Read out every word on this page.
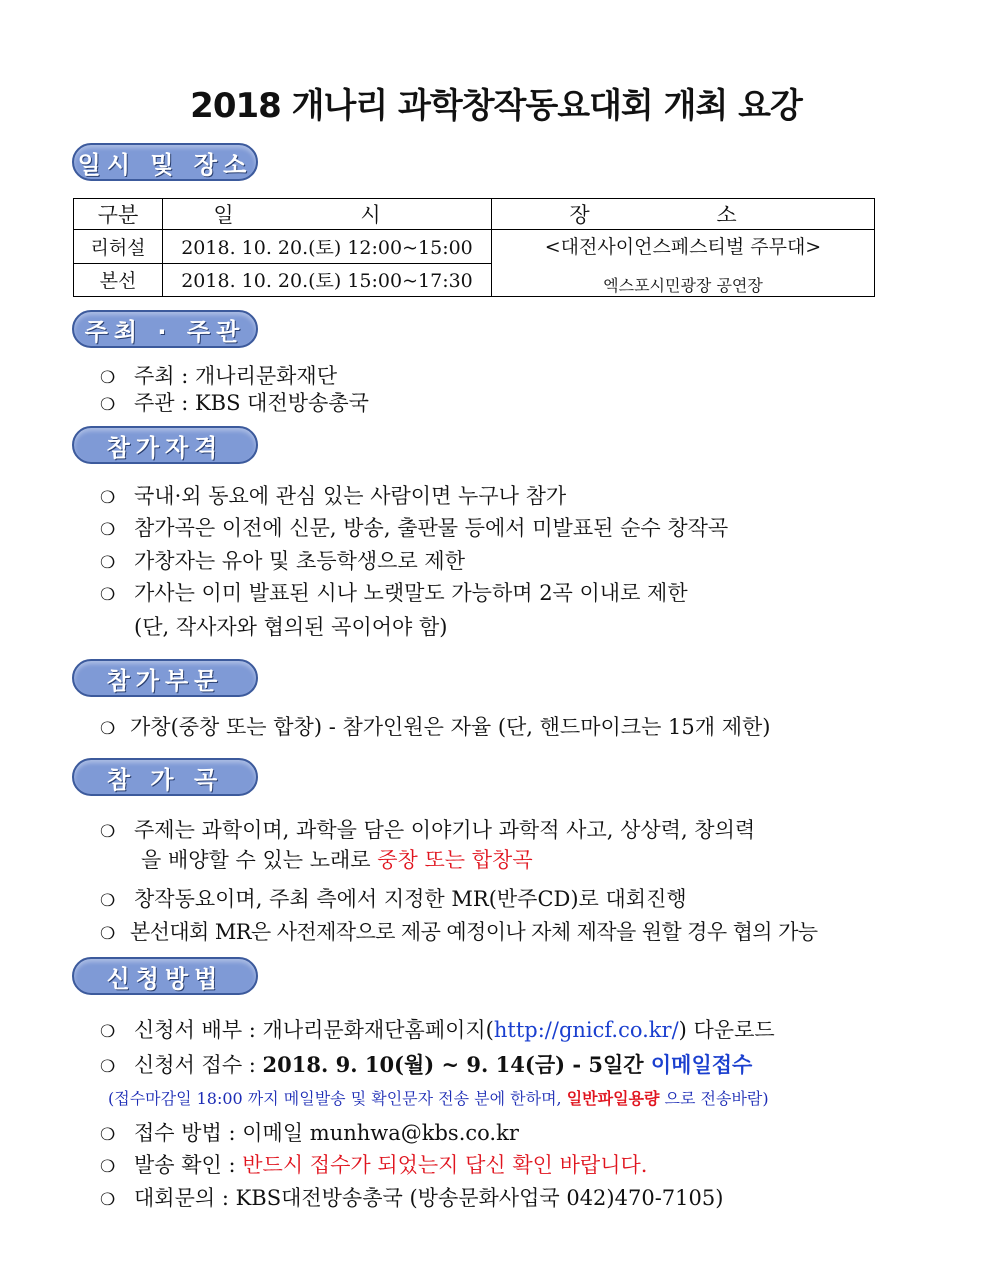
2018 개나리 과학창작동요대회 개최 요강
일시 및 장소
구분	일 시	장 소
리허설	2018. 10. 20.(토) 12:00~15:00	<대전사이언스페스티벌 주무대>
엑스포시민광장 공연장

본선	2018. 10. 20.(토) 15:00~17:30	
주최 · 주관
❍ 주최 : 개나리문화재단
❍ 주관 : KBS 대전방송총국
참가자격
❍ 국내·외 동요에 관심 있는 사람이면 누구나 참가
❍ 참가곡은 이전에 신문, 방송, 출판물 등에서 미발표된 순수 창작곡
❍ 가창자는 유아 및 초등학생으로 제한
❍ 가사는 이미 발표된 시나 노랫말도 가능하며 2곡 이내로 제한
(단, 작사자와 협의된 곡이어야 함)
참가부문
❍ 가창(중창 또는 합창) - 참가인원은 자율 (단, 핸드마이크는 15개 제한)
참 가 곡
❍ 주제는 과학이며, 과학을 담은 이야기나 과학적 사고, 상상력, 창의력
을 배양할 수 있는 노래로 중창 또는 합창곡
❍ 창작동요이며, 주최 측에서 지정한 MR(반주CD)로 대회진행
❍ 본선대회 MR은 사전제작으로 제공 예정이나 자체 제작을 원할 경우 협의 가능
신청방법
❍ 신청서 배부 : 개나리문화재단홈페이지(http://gnicf.co.kr/) 다운로드
❍ 신청서 접수 : 2018. 9. 10(월) ~ 9. 14(금) - 5일간 이메일접수
(접수마감일 18:00 까지 메일발송 및 확인문자 전송 분에 한하며, 일반파일용량 으로 전송바람)
❍ 접수 방법 : 이메일 munhwa@kbs.co.kr
❍ 발송 확인 : 반드시 접수가 되었는지 답신 확인 바랍니다.
❍ 대회문의 : KBS대전방송총국 (방송문화사업국 042)470-7105)
